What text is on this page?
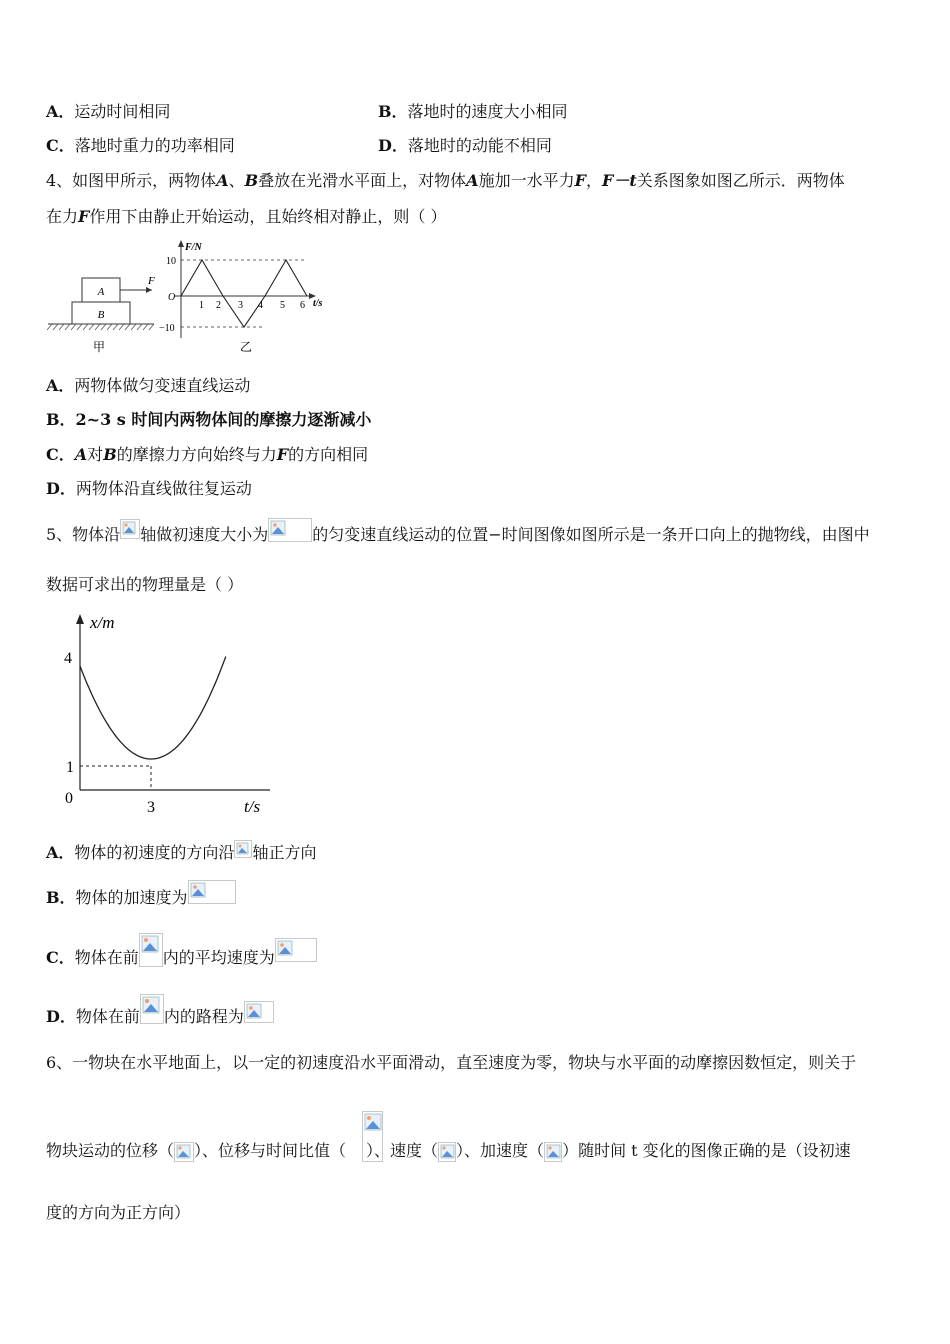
A．运动时间相同	B．落地时的速度大小相同
C．落地时重力的功率相同	D．落地时的动能不相同
4、如图甲所示，两物体A、B叠放在光滑水平面上，对物体A施加一水平力F，F－t关系图象如图乙所示．两物体
在力F作用下由静止开始运动，且始终相对静止，则（ ）
A
B
F
甲
F/N
t/s
O
10
−10
1 2 3 4 5 6
乙
A．两物体做匀变速直线运动
B．2~3 s 时间内两物体间的摩擦力逐渐减小
C．A对B的摩擦力方向始终与力F的方向相同
D．两物体沿直线做往复运动
5、物体沿 轴做初速度大小为	的匀变速直线运动的位置−时间图像如图所示是一条开口向上的抛物线，由图中
数据可求出的物理量是（ ）
x/m
t/s
0
4
1
3
A．物体的初速度的方向沿 轴正方向
B．物体的加速度为
C．物体在前 内的平均速度为
D．物体在前 内的路程为
6、一物块在水平地面上，以一定的初速度沿水平面滑动，直至速度为零，物块与水平面的动摩擦因数恒定，则关于
物块运动的位移（ ）、位移与时间比值（ ）、速度（ ）、加速度（ ）随时间 t 变化的图像正确的是（设初速
度的方向为正方向）
